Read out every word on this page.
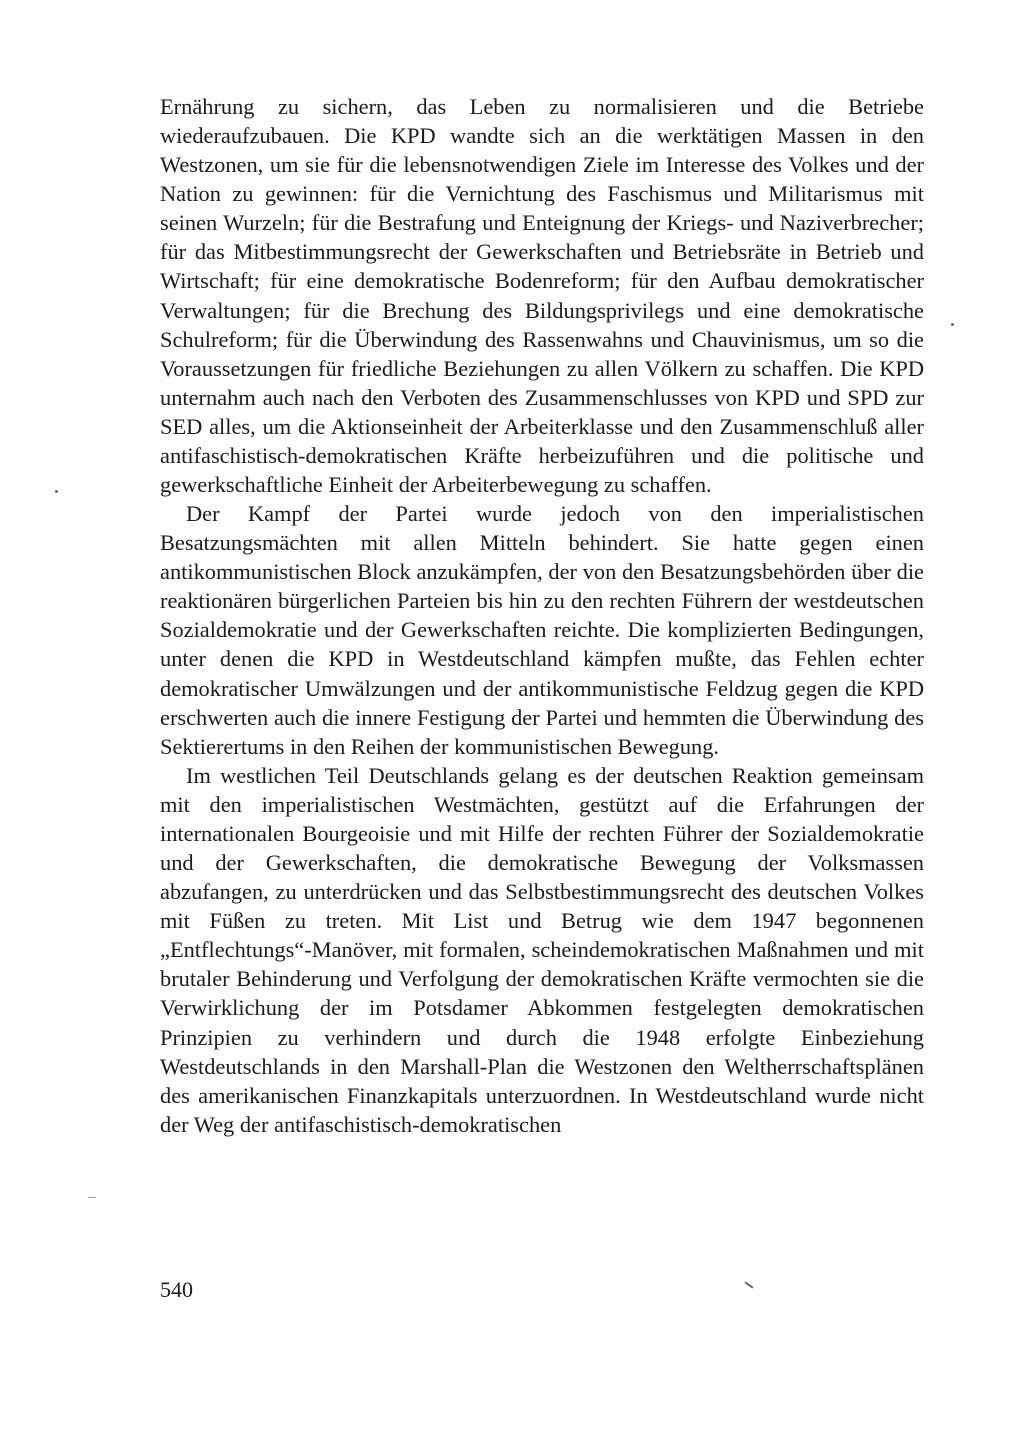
Ernährung zu sichern, das Leben zu normalisieren und die Betriebe wiederaufzubauen. Die KPD wandte sich an die werktätigen Massen in den Westzonen, um sie für die lebensnotwendigen Ziele im Interesse des Volkes und der Nation zu gewinnen: für die Vernichtung des Faschismus und Militarismus mit seinen Wurzeln; für die Bestrafung und Enteignung der Kriegs- und Naziverbrecher; für das Mitbestimmungsrecht der Gewerkschaften und Betriebsräte in Betrieb und Wirtschaft; für eine demokratische Bodenreform; für den Aufbau demokratischer Verwaltungen; für die Brechung des Bildungsprivilegs und eine demokratische Schulreform; für die Überwindung des Rassenwahns und Chauvinismus, um so die Voraussetzungen für friedliche Beziehungen zu allen Völkern zu schaffen. Die KPD unternahm auch nach den Verboten des Zusammenschlusses von KPD und SPD zur SED alles, um die Aktionseinheit der Arbeiterklasse und den Zusammenschluß aller antifaschistisch-demokratischen Kräfte herbeizuführen und die politische und gewerkschaftliche Einheit der Arbeiterbewegung zu schaffen.

Der Kampf der Partei wurde jedoch von den imperialistischen Besatzungsmächten mit allen Mitteln behindert. Sie hatte gegen einen antikommunistischen Block anzukämpfen, der von den Besatzungsbehörden über die reaktionären bürgerlichen Parteien bis hin zu den rechten Führern der westdeutschen Sozialdemokratie und der Gewerkschaften reichte. Die komplizierten Bedingungen, unter denen die KPD in Westdeutschland kämpfen mußte, das Fehlen echter demokratischer Umwälzungen und der antikommunistische Feldzug gegen die KPD erschwerten auch die innere Festigung der Partei und hemmten die Überwindung des Sektierertums in den Reihen der kommunistischen Bewegung.

Im westlichen Teil Deutschlands gelang es der deutschen Reaktion gemeinsam mit den imperialistischen Westmächten, gestützt auf die Erfahrungen der internationalen Bourgeoisie und mit Hilfe der rechten Führer der Sozialdemokratie und der Gewerkschaften, die demokratische Bewegung der Volksmassen abzufangen, zu unterdrücken und das Selbstbestimmungsrecht des deutschen Volkes mit Füßen zu treten. Mit List und Betrug wie dem 1947 begonnenen „Entflechtungs“-Manöver, mit formalen, scheindemokratischen Maßnahmen und mit brutaler Behinderung und Verfolgung der demokratischen Kräfte vermochten sie die Verwirklichung der im Potsdamer Abkommen festgelegten demokratischen Prinzipien zu verhindern und durch die 1948 erfolgte Einbeziehung Westdeutschlands in den Marshall-Plan die Westzonen den Weltherrschaftsplänen des amerikanischen Finanzkapitals unterzuordnen. In Westdeutschland wurde nicht der Weg der antifaschistisch-demokratischen

540
